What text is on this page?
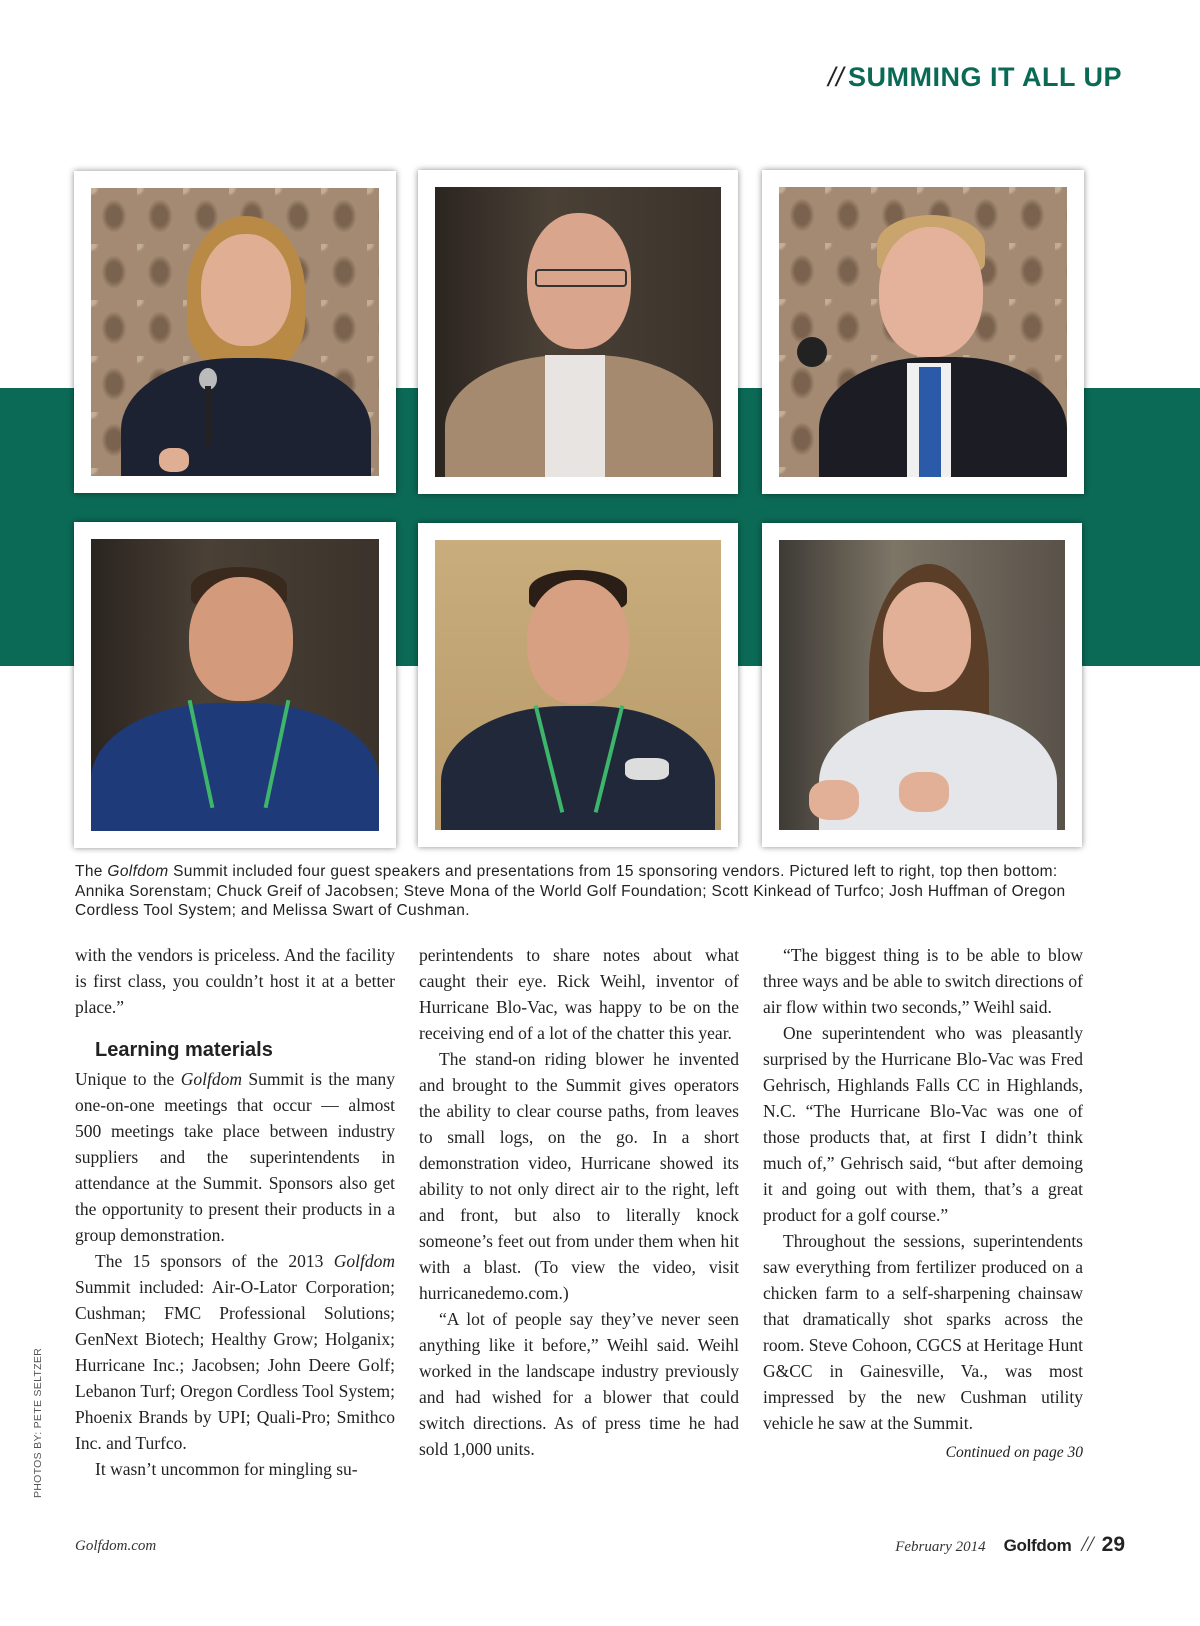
// SUMMING IT ALL UP
The Golfdom Summit included four guest speakers and presentations from 15 sponsoring vendors. Pictured left to right, top then bottom: Annika Sorenstam; Chuck Greif of Jacobsen; Steve Mona of the World Golf Foundation; Scott Kinkead of Turfco; Josh Huffman of Oregon Cordless Tool System; and Melissa Swart of Cushman.

with the vendors is priceless. And the facility is first class, you couldn’t host it at a better place.”

Learning materials

Unique to the Golfdom Summit is the many one-on-one meetings that occur — almost 500 meetings take place between industry suppliers and the superintendents in attendance at the Summit. Sponsors also get the opportunity to present their products in a group demonstration.

The 15 sponsors of the 2013 Golfdom Summit included: Air-O-Lator Corporation; Cushman; FMC Professional Solutions; GenNext Biotech; Healthy Grow; Holganix; Hurricane Inc.; Jacobsen; John Deere Golf; Lebanon Turf; Oregon Cordless Tool System; Phoenix Brands by UPI; Quali-Pro; Smithco Inc. and Turfco.

It wasn’t uncommon for mingling su-

perintendents to share notes about what caught their eye. Rick Weihl, inventor of Hurricane Blo-Vac, was happy to be on the receiving end of a lot of the chatter this year.

The stand-on riding blower he invented and brought to the Summit gives operators the ability to clear course paths, from leaves to small logs, on the go. In a short demonstration video, Hurricane showed its ability to not only direct air to the right, left and front, but also to literally knock someone’s feet out from under them when hit with a blast. (To view the video, visit hurricanedemo.com.)

“A lot of people say they’ve never seen anything like it before,” Weihl said. Weihl worked in the landscape industry previously and had wished for a blower that could switch directions. As of press time he had sold 1,000 units.

“The biggest thing is to be able to blow three ways and be able to switch directions of air flow within two seconds,” Weihl said.

One superintendent who was pleasantly surprised by the Hurricane Blo-Vac was Fred Gehrisch, Highlands Falls CC in Highlands, N.C. “The Hurricane Blo-Vac was one of those products that, at first I didn’t think much of,” Gehrisch said, “but after demoing it and going out with them, that’s a great product for a golf course.”

Throughout the sessions, superintendents saw everything from fertilizer produced on a chicken farm to a self-sharpening chainsaw that dramatically shot sparks across the room. Steve Cohoon, CGCS at Heritage Hunt G&CC in Gainesville, Va., was most impressed by the new Cushman utility vehicle he saw at the Summit.

Continued on page 30

PHOTOS BY: PETE SELTZER
Golfdom.com	February 2014 Golfdom // 29
